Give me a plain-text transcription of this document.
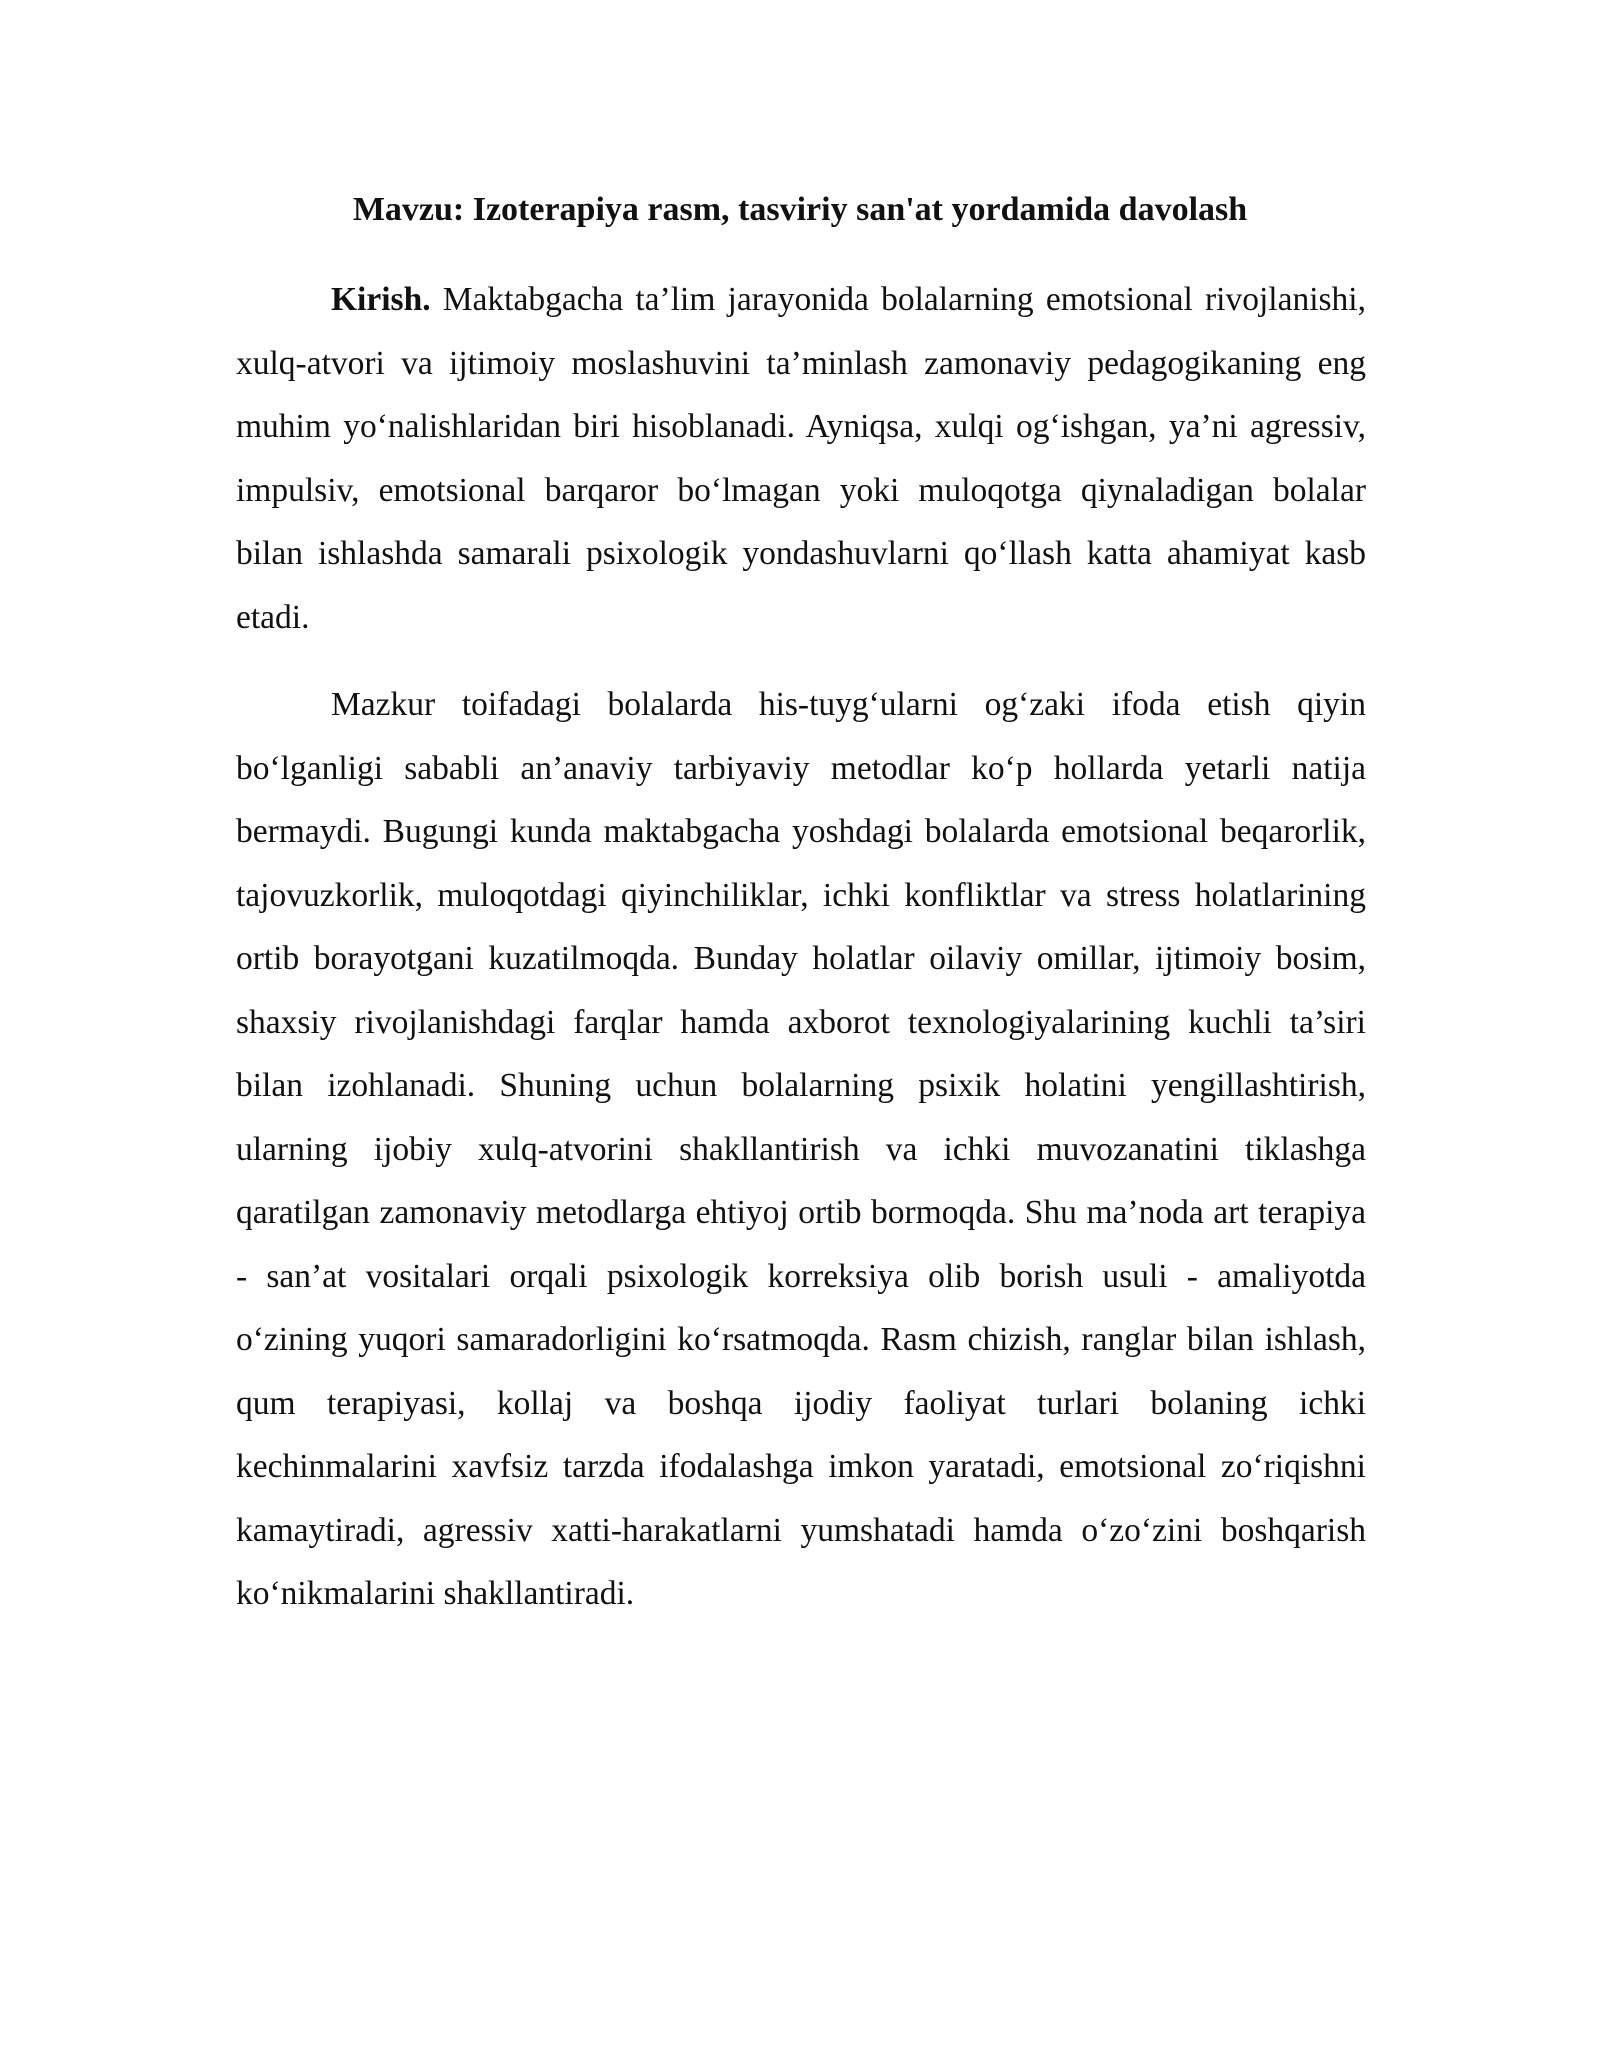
Mavzu: Izoterapiya rasm, tasviriy san'at yordamida davolash

Kirish. Maktabgacha ta’lim jarayonida bolalarning emotsional rivojlanishi, xulq-atvori va ijtimoiy moslashuvini ta’minlash zamonaviy pedagogikaning eng muhim yo‘nalishlaridan biri hisoblanadi. Ayniqsa, xulqi og‘ishgan, ya’ni agressiv, impulsiv, emotsional barqaror bo‘lmagan yoki muloqotga qiynaladigan bolalar bilan ishlashda samarali psixologik yondashuvlarni qo‘llash katta ahamiyat kasb etadi.

Mazkur toifadagi bolalarda his-tuyg‘ularni og‘zaki ifoda etish qiyin bo‘lganligi sababli an’anaviy tarbiyaviy metodlar ko‘p hollarda yetarli natija bermaydi. Bugungi kunda maktabgacha yoshdagi bolalarda emotsional beqarorlik, tajovuzkorlik, muloqotdagi qiyinchiliklar, ichki konfliktlar va stress holatlarining ortib borayotgani kuzatilmoqda. Bunday holatlar oilaviy omillar, ijtimoiy bosim, shaxsiy rivojlanishdagi farqlar hamda axborot texnologiyalarining kuchli ta’siri bilan izohlanadi. Shuning uchun bolalarning psixik holatini yengillashtirish, ularning ijobiy xulq-atvorini shakllantirish va ichki muvozanatini tiklashga qaratilgan zamonaviy metodlarga ehtiyoj ortib bormoqda. Shu ma’noda art terapiya - san’at vositalari orqali psixologik korreksiya olib borish usuli - amaliyotda o‘zining yuqori samaradorligini ko‘rsatmoqda. Rasm chizish, ranglar bilan ishlash, qum terapiyasi, kollaj va boshqa ijodiy faoliyat turlari bolaning ichki kechinmalarini xavfsiz tarzda ifodalashga imkon yaratadi, emotsional zo‘riqishni kamaytiradi, agressiv xatti-harakatlarni yumshatadi hamda o‘zo‘zini boshqarish ko‘nikmalarini shakllantiradi.
